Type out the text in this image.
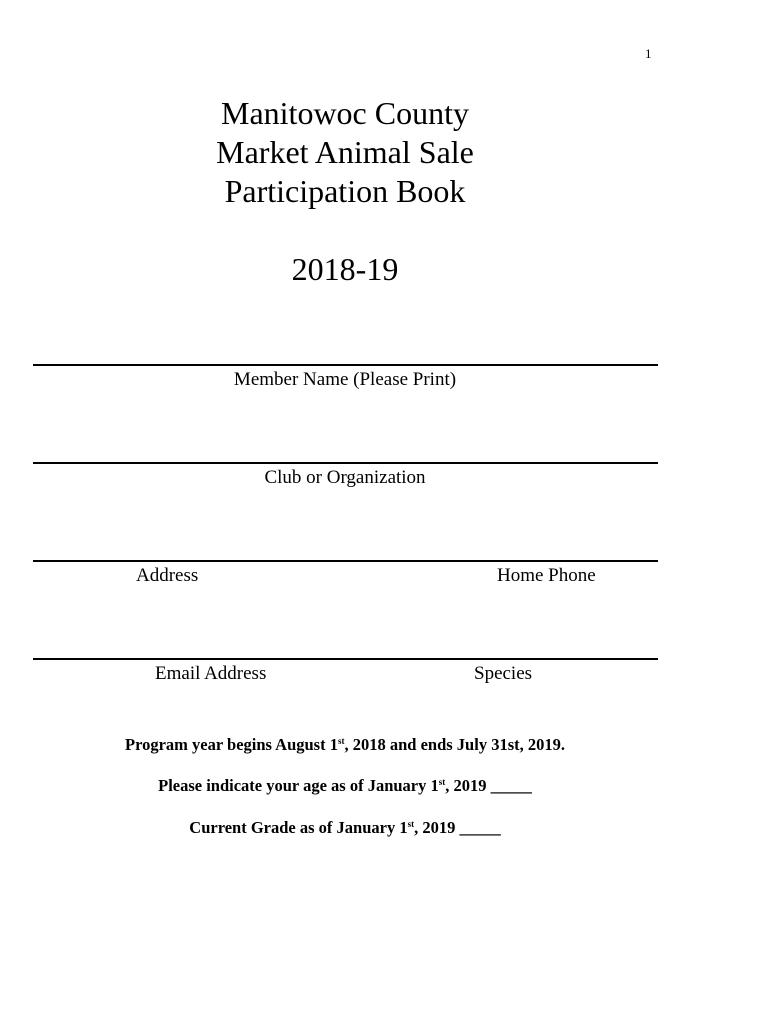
1
Manitowoc County
Market Animal Sale
Participation Book
2018-19
Member Name (Please Print)
Club or Organization
Address	Home Phone
Email Address	Species
Program year begins August 1st, 2018 and ends July 31st, 2019.
Please indicate your age as of January 1st, 2019 _____
Current Grade as of January 1st, 2019 _____
